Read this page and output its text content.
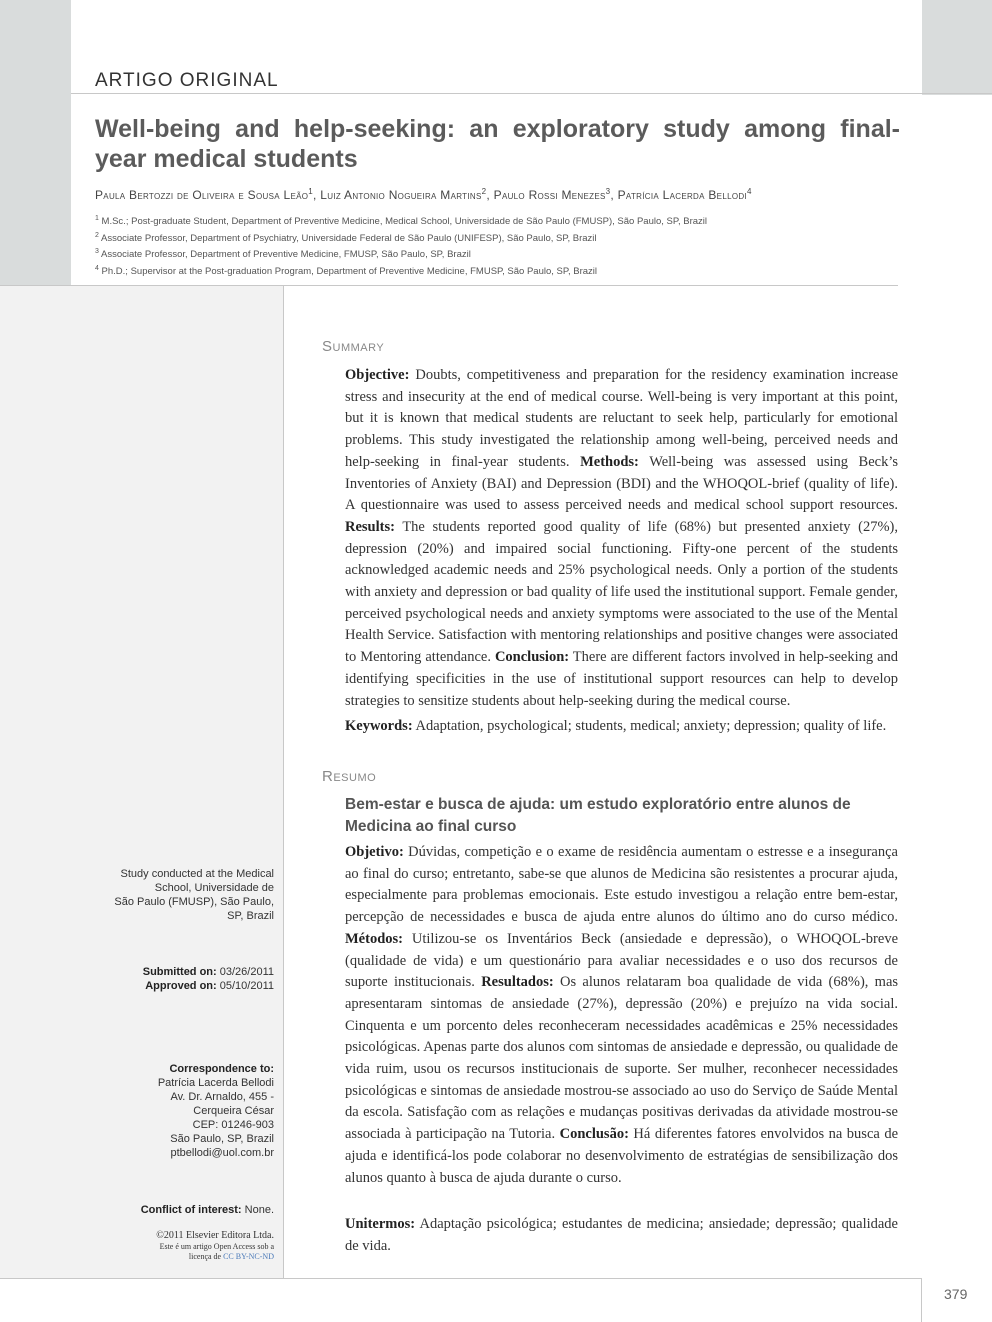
ARTIGO ORIGINAL
Well-being and help-seeking: an exploratory study among final-year medical students
Paula Bertozzi de Oliveira e Sousa Leão$^1$, Luiz Antonio Nogueira Martins$^2$, Paulo Rossi Menezes$^3$, Patrícia Lacerda Bellodi$^4$
$^1$ M.Sc.; Post-graduate Student, Department of Preventive Medicine, Medical School, Universidade de São Paulo (FMUSP), São Paulo, SP, Brazil
$^2$ Associate Professor, Department of Psychiatry, Universidade Federal de São Paulo (UNIFESP), São Paulo, SP, Brazil
$^3$ Associate Professor, Department of Preventive Medicine, FMUSP, São Paulo, SP, Brazil
$^4$ Ph.D.; Supervisor at the Post-graduation Program, Department of Preventive Medicine, FMUSP, São Paulo, SP, Brazil
Summary

Objective: Doubts, competitiveness and preparation for the residency examination increase stress and insecurity at the end of medical course. Well-being is very important at this point, but it is known that medical students are reluctant to seek help, particularly for emotional problems. This study investigated the relationship among well-being, perceived needs and help-seeking in final-year students. Methods: Well-being was assessed using Beck’s Inventories of Anxiety (BAI) and Depression (BDI) and the WHOQOL-brief (quality of life). A questionnaire was used to assess perceived needs and medical school support resources. Results: The students reported good quality of life (68%) but presented anxiety (27%), depression (20%) and impaired social functioning. Fifty-one percent of the students acknowledged academic needs and 25% psychological needs. Only a portion of the students with anxiety and depression or bad quality of life used the institutional support. Female gender, perceived psychological needs and anxiety symptoms were associated to the use of the Mental Health Service. Satisfaction with mentoring relationships and positive changes were associated to Mentoring attendance. Conclusion: There are different factors involved in help-seeking and identifying specificities in the use of institutional support resources can help to develop strategies to sensitize students about help-seeking during the medical course.

Keywords: Adaptation, psychological; students, medical; anxiety; depression; quality of life.

Resumo
Bem-estar e busca de ajuda: um estudo exploratório entre alunos de Medicina ao final curso

Objetivo: Dúvidas, competição e o exame de residência aumentam o estresse e a insegurança ao final do curso; entretanto, sabe-se que alunos de Medicina são resistentes a procurar ajuda, especialmente para problemas emocionais. Este estudo investigou a relação entre bem-estar, percepção de necessidades e busca de ajuda entre alunos do último ano do curso médico. Métodos: Utilizou-se os Inventários Beck (ansiedade e depressão), o WHOQOL-breve (qualidade de vida) e um questionário para avaliar necessidades e o uso dos recursos de suporte institucionais. Resultados: Os alunos relataram boa qualidade de vida (68%), mas apresentaram sintomas de ansiedade (27%), depressão (20%) e prejuízo na vida social. Cinquenta e um porcento deles reconheceram necessidades acadêmicas e 25% necessidades psicológicas. Apenas parte dos alunos com sintomas de ansiedade e depressão, ou qualidade de vida ruim, usou os recursos institucionais de suporte. Ser mulher, reconhecer necessidades psicológicas e sintomas de ansiedade mostrou-se associado ao uso do Serviço de Saúde Mental da escola. Satisfação com as relações e mudanças positivas derivadas da atividade mostrou-se associada à participação na Tutoria. Conclusão: Há diferentes fatores envolvidos na busca de ajuda e identificá-los pode colaborar no desenvolvimento de estratégias de sensibilização dos alunos quanto à busca de ajuda durante o curso.

Unitermos: Adaptação psicológica; estudantes de medicina; ansiedade; depressão; qualidade de vida.

Study conducted at the Medical
School, Universidade de
São Paulo (FMUSP), São Paulo,
SP, Brazil
Submitted on: 03/26/2011
Approved on: 05/10/2011
Correspondence to:
Patrícia Lacerda Bellodi
Av. Dr. Arnaldo, 455 -
Cerqueira César
CEP: 01246-903
São Paulo, SP, Brazil
ptbellodi@uol.com.br
Conflict of interest: None.
©2011 Elsevier Editora Ltda.
Este é um artigo Open Access sob a
licença de CC BY-NC-ND
379
